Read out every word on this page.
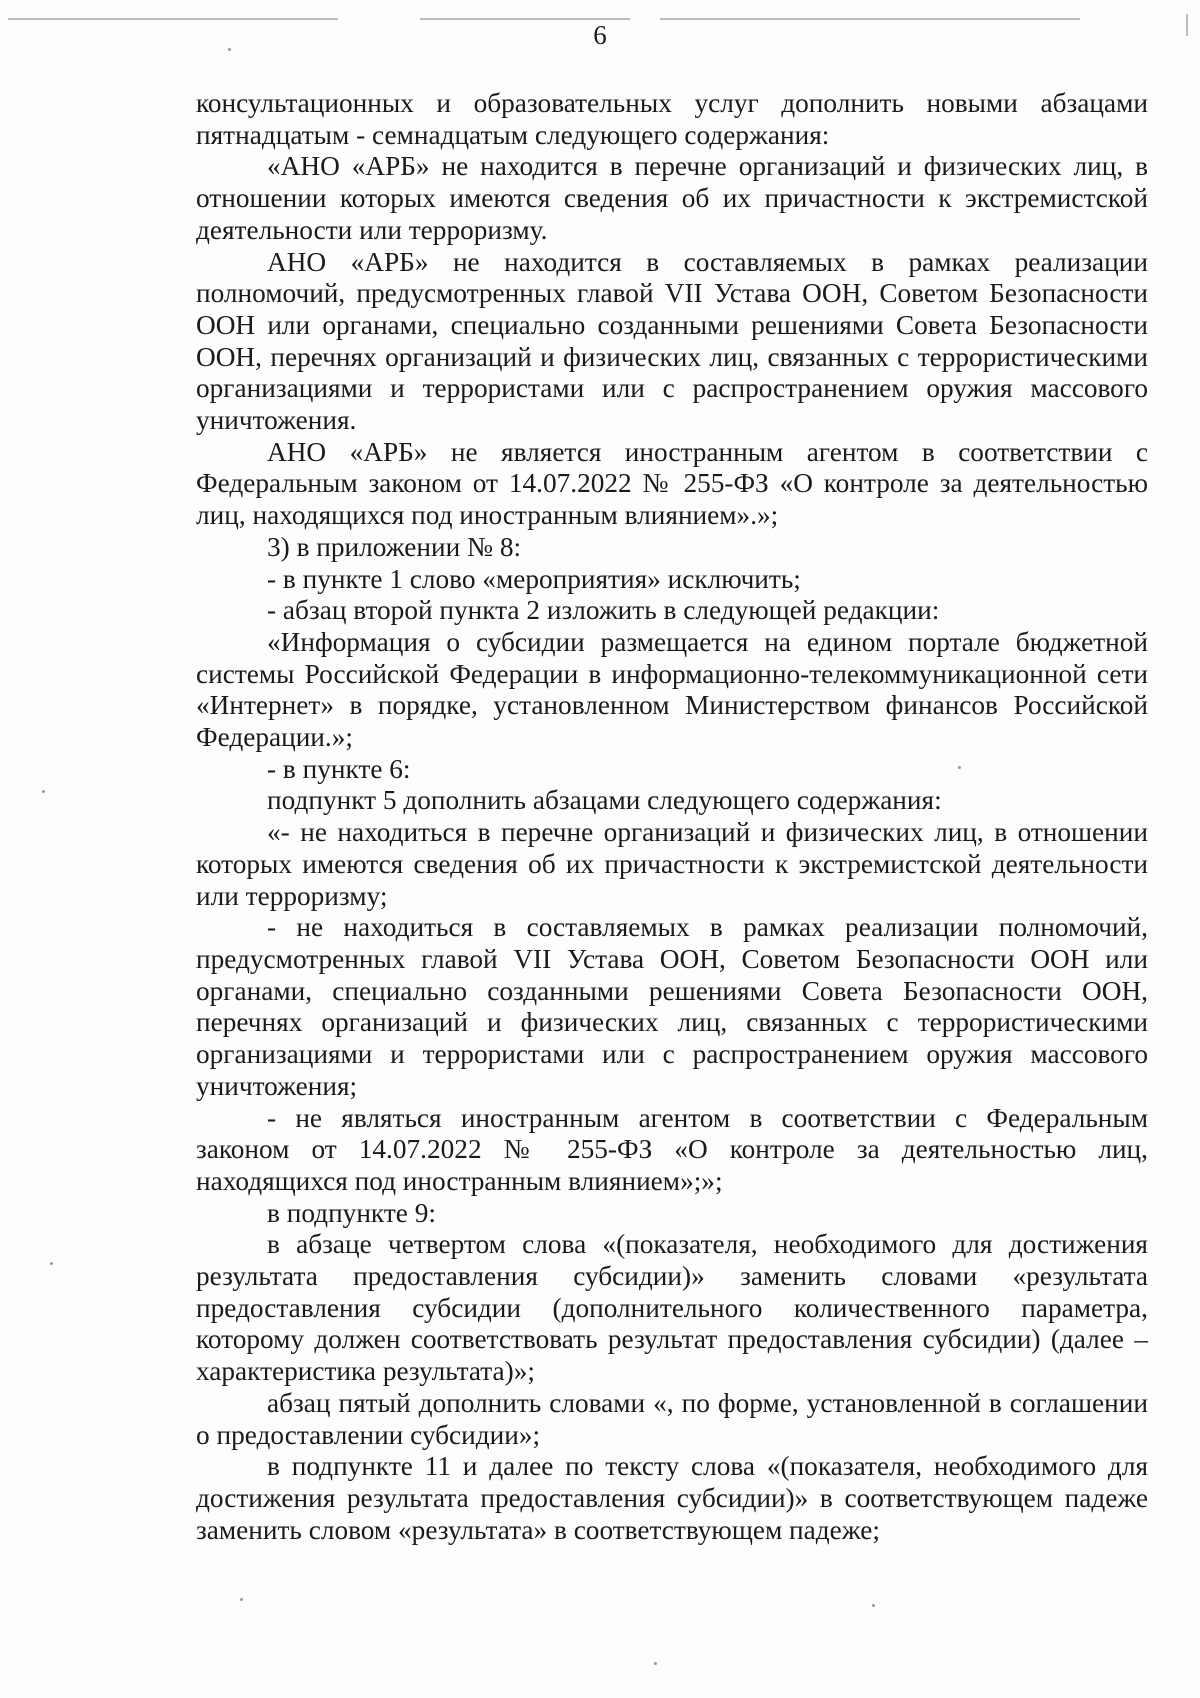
6

консультационных и образовательных услуг дополнить новыми абзацами пятнадцатым - семнадцатым следующего содержания:

«АНО «АРБ» не находится в перечне организаций и физических лиц, в отношении которых имеются сведения об их причастности к экстремистской деятельности или терроризму.

АНО «АРБ» не находится в составляемых в рамках реализации полномочий, предусмотренных главой VII Устава ООН, Советом Безопасности ООН или органами, специально созданными решениями Совета Безопасности ООН, перечнях организаций и физических лиц, связанных с террористическими организациями и террористами или с распространением оружия массового уничтожения.

АНО «АРБ» не является иностранным агентом в соответствии с Федеральным законом от 14.07.2022 № 255-ФЗ «О контроле за деятельностью лиц, находящихся под иностранным влиянием».»;

3) в приложении № 8:

- в пункте 1 слово «мероприятия» исключить;

- абзац второй пункта 2 изложить в следующей редакции:

«Информация о субсидии размещается на едином портале бюджетной системы Российской Федерации в информационно-телекоммуникационной сети «Интернет» в порядке, установленном Министерством финансов Российской Федерации.»;

- в пункте 6:

подпункт 5 дополнить абзацами следующего содержания:

«- не находиться в перечне организаций и физических лиц, в отношении которых имеются сведения об их причастности к экстремистской деятельности или терроризму;

- не находиться в составляемых в рамках реализации полномочий, предусмотренных главой VII Устава ООН, Советом Безопасности ООН или органами, специально созданными решениями Совета Безопасности ООН, перечнях организаций и физических лиц, связанных с террористическими организациями и террористами или с распространением оружия массового уничтожения;

- не являться иностранным агентом в соответствии с Федеральным законом от 14.07.2022 № 255-ФЗ «О контроле за деятельностью лиц, находящихся под иностранным влиянием»;»;

в подпункте 9:

в абзаце четвертом слова «(показателя, необходимого для достижения результата предоставления субсидии)» заменить словами «результата предоставления субсидии (дополнительного количественного параметра, которому должен соответствовать результат предоставления субсидии) (далее – характеристика результата)»;

абзац пятый дополнить словами «, по форме, установленной в соглашении о предоставлении субсидии»;

в подпункте 11 и далее по тексту слова «(показателя, необходимого для достижения результата предоставления субсидии)» в соответствующем падеже заменить словом «результата» в соответствующем падеже;
